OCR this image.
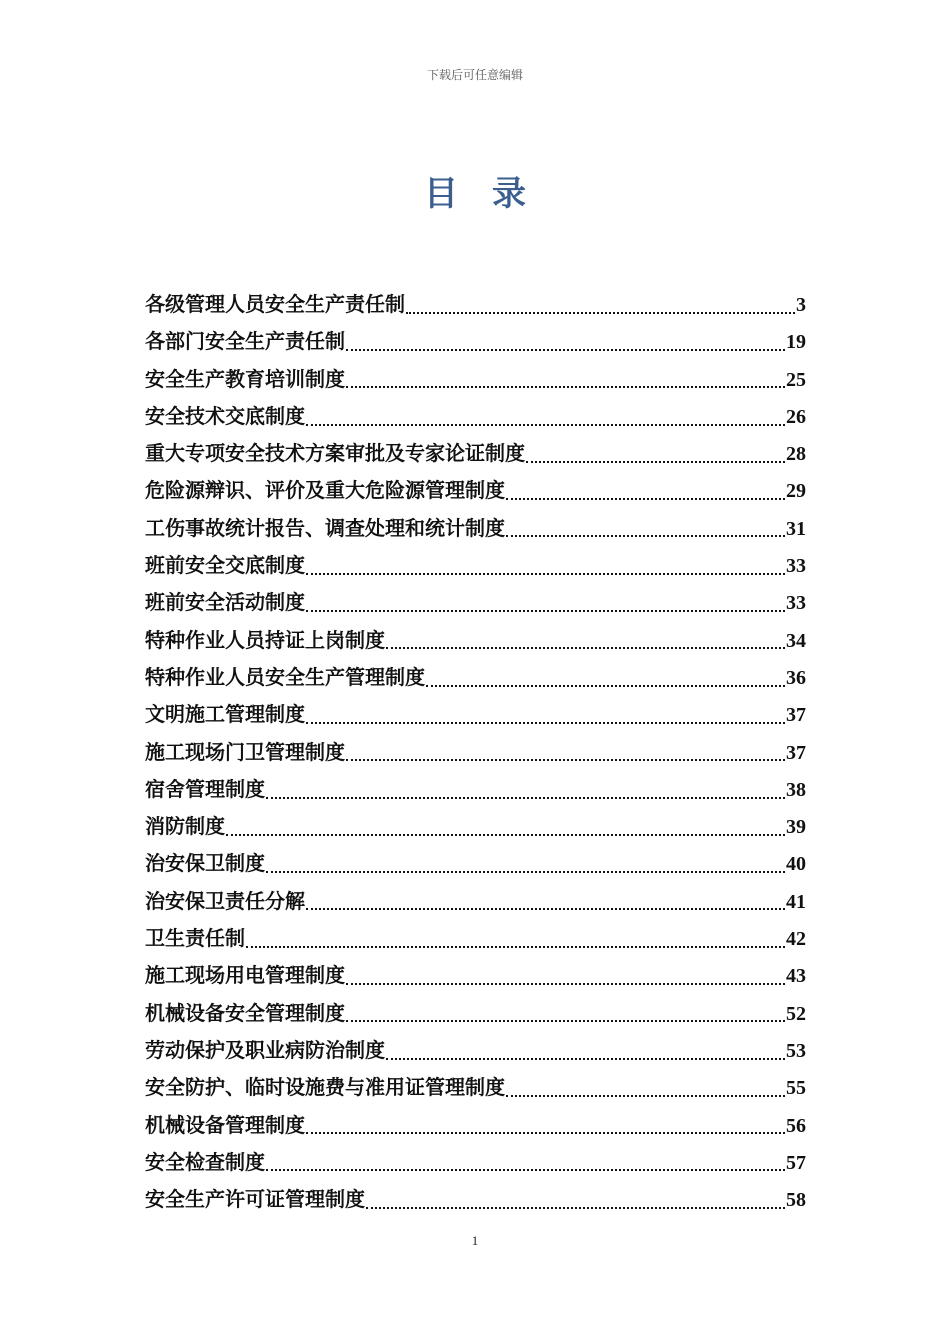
下载后可任意编辑
目录
各级管理人员安全生产责任制	3
各部门安全生产责任制	19
安全生产教育培训制度	25
安全技术交底制度	26
重大专项安全技术方案审批及专家论证制度	28
危险源辩识、评价及重大危险源管理制度	29
工伤事故统计报告、调查处理和统计制度	31
班前安全交底制度	33
班前安全活动制度	33
特种作业人员持证上岗制度	34
特种作业人员安全生产管理制度	36
文明施工管理制度	37
施工现场门卫管理制度	37
宿舍管理制度	38
消防制度	39
治安保卫制度	40
治安保卫责任分解	41
卫生责任制	42
施工现场用电管理制度	43
机械设备安全管理制度	52
劳动保护及职业病防治制度	53
安全防护、临时设施费与准用证管理制度	55
机械设备管理制度	56
安全检查制度	57
安全生产许可证管理制度	58
1
